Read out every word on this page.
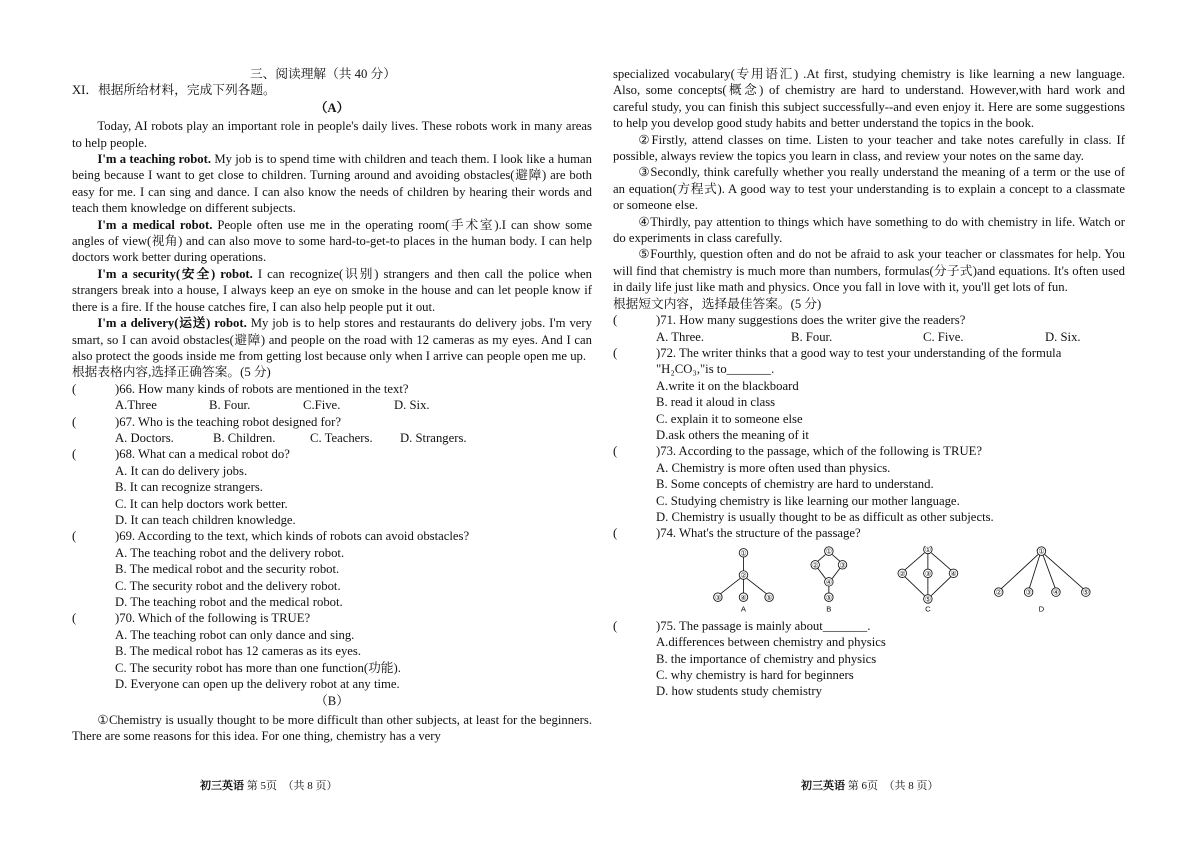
三、阅读理解（共 40 分）
XI．根据所给材料，完成下列各题。
（A）

Today, AI robots play an important role in people's daily lives. These robots work in many areas to help people.

I'm a teaching robot. My job is to spend time with children and teach them. I look like a human being because I want to get close to children. Turning around and avoiding obstacles(避障) are both easy for me. I can sing and dance. I can also know the needs of children by hearing their words and teach them knowledge on different subjects.

I'm a medical robot. People often use me in the operating room(手术室).I can show some angles of view(视角) and can also move to some hard-to-get-to places in the human body. I can help doctors work better during operations.

I'm a security(安全) robot. I can recognize(识别) strangers and then call the police when strangers break into a house, I always keep an eye on smoke in the house and can let people know if there is a fire. If the house catches fire, I can also help people put it out.

I'm a delivery(运送) robot. My job is to help stores and restaurants do delivery jobs. I'm very smart, so I can avoid obstacles(避障) and people on the road with 12 cameras as my eyes. And I can also protect the goods inside me from getting lost because only when I arrive can people open me up.

根据表格内容,选择正确答案。(5 分)
(	)66. How many kinds of robots are mentioned in the text?
A.Three	B. Four.	C.Five.	D. Six.
(	)67. Who is the teaching robot designed for?
A. Doctors.	B. Children.	C. Teachers.	D. Strangers.
(	)68. What can a medical robot do?
A. It can do delivery jobs.
B. It can recognize strangers.
C. It can help doctors work better.
D. It can teach children knowledge.
(	)69. According to the text, which kinds of robots can avoid obstacles?
A. The teaching robot and the delivery robot.
B. The medical robot and the security robot.
C. The security robot and the delivery robot.
D. The teaching robot and the medical robot.
(	)70. Which of the following is TRUE?
A. The teaching robot can only dance and sing.
B. The medical robot has 12 cameras as its eyes.
C. The security robot has more than one function(功能).
D. Everyone can open up the delivery robot at any time.
（B）

①Chemistry is usually thought to be more difficult than other subjects, at least for the beginners. There are some reasons for this idea. For one thing, chemistry has a very

初三英语 第 5页 （共 8 页）

specialized vocabulary(专用语汇) .At first, studying chemistry is like learning a new language. Also, some concepts(概念) of chemistry are hard to understand. However,with hard work and careful study, you can finish this subject successfully--and even enjoy it. Here are some suggestions to help you develop good study habits and better understand the topics in the book.

②Firstly, attend classes on time. Listen to your teacher and take notes carefully in class. If possible, always review the topics you learn in class, and review your notes on the same day.

③Secondly, think carefully whether you really understand the meaning of a term or the use of an equation(方程式). A good way to test your understanding is to explain a concept to a classmate or someone else.

④Thirdly, pay attention to things which have something to do with chemistry in life. Watch or do experiments in class carefully.

⑤Fourthly, question often and do not be afraid to ask your teacher or classmates for help. You will find that chemistry is much more than numbers, formulas(分子式)and equations. It's often used in daily life just like math and physics. Once you fall in love with it, you'll get lots of fun.

根据短文内容，选择最佳答案。(5 分)
(	)71. How many suggestions does the writer give the readers?
A. Three.	B. Four.	C. Five.	D. Six.
(	)72. The writer thinks that a good way to test your understanding of the formula
"H₂CO₃,"is to_______.
A.write it on the blackboard
B. read it aloud in class
C. explain it to someone else
D.ask others the meaning of it
(	)73. According to the passage, which of the following is TRUE?
A. Chemistry is more often used than physics.
B. Some concepts of chemistry are hard to understand.
C. Studying chemistry is like learning our mother language.
D. Chemistry is usually thought to be as difficult as other subjects.
(	)74. What's the structure of the passage?
①
②
③ ④ ⑤
①
②	③
④
⑤
①
② ③ ④
⑤
①
②	③	④	⑤
A	B	C	D
(	)75. The passage is mainly about_______.
A.differences between chemistry and physics
B. the importance of chemistry and physics
C. why chemistry is hard for beginners
D. how students study chemistry
初三英语 第 6页 （共 8 页）
